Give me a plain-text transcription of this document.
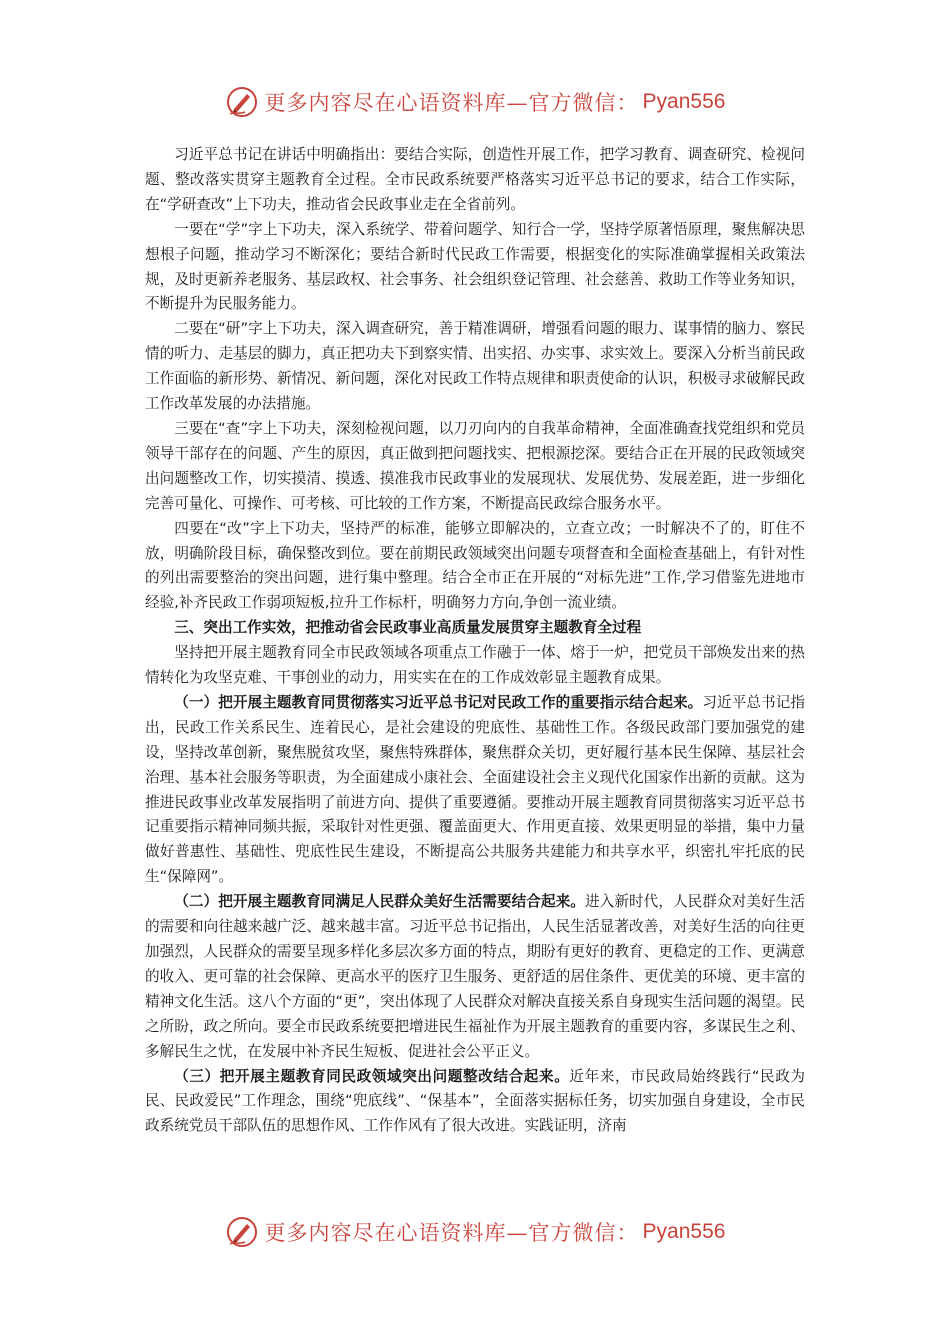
更多内容尽在心语资料库—官方微信： Pyan556

习近平总书记在讲话中明确指出：要结合实际，创造性开展工作，把学习教育、调查研究、检视问题、整改落实贯穿主题教育全过程。全市民政系统要严格落实习近平总书记的要求，结合工作实际，在“学研查改”上下功夫，推动省会民政事业走在全省前列。

一要在“学”字上下功夫，深入系统学、带着问题学、知行合一学，坚持学原著悟原理，聚焦解决思想根子问题，推动学习不断深化；要结合新时代民政工作需要，根据变化的实际准确掌握相关政策法规，及时更新养老服务、基层政权、社会事务、社会组织登记管理、社会慈善、救助工作等业务知识，不断提升为民服务能力。

二要在“研”字上下功夫，深入调查研究，善于精准调研，增强看问题的眼力、谋事情的脑力、察民情的听力、走基层的脚力，真正把功夫下到察实情、出实招、办实事、求实效上。要深入分析当前民政工作面临的新形势、新情况、新问题，深化对民政工作特点规律和职责使命的认识，积极寻求破解民政工作改革发展的办法措施。

三要在“查”字上下功夫，深刻检视问题，以刀刃向内的自我革命精神，全面准确查找党组织和党员领导干部存在的问题、产生的原因，真正做到把问题找实、把根源挖深。要结合正在开展的民政领域突出问题整改工作，切实摸清、摸透、摸准我市民政事业的发展现状、发展优势、发展差距，进一步细化完善可量化、可操作、可考核、可比较的工作方案，不断提高民政综合服务水平。

四要在“改”字上下功夫，坚持严的标准，能够立即解决的，立查立改；一时解决不了的，盯住不放，明确阶段目标，确保整改到位。要在前期民政领域突出问题专项督查和全面检查基础上，有针对性的列出需要整治的突出问题，进行集中整理。结合全市正在开展的“对标先进”工作,学习借鉴先进地市经验,补齐民政工作弱项短板,拉升工作标杆，明确努力方向,争创一流业绩。

三、突出工作实效，把推动省会民政事业高质量发展贯穿主题教育全过程

坚持把开展主题教育同全市民政领域各项重点工作融于一体、熔于一炉，把党员干部焕发出来的热情转化为攻坚克难、干事创业的动力，用实实在在的工作成效彰显主题教育成果。

（一）把开展主题教育同贯彻落实习近平总书记对民政工作的重要指示结合起来。习近平总书记指出，民政工作关系民生、连着民心，是社会建设的兜底性、基础性工作。各级民政部门要加强党的建设，坚持改革创新，聚焦脱贫攻坚，聚焦特殊群体，聚焦群众关切，更好履行基本民生保障、基层社会治理、基本社会服务等职责，为全面建成小康社会、全面建设社会主义现代化国家作出新的贡献。这为推进民政事业改革发展指明了前进方向、提供了重要遵循。要推动开展主题教育同贯彻落实习近平总书记重要指示精神同频共振，采取针对性更强、覆盖面更大、作用更直接、效果更明显的举措，集中力量做好普惠性、基础性、兜底性民生建设，不断提高公共服务共建能力和共享水平，织密扎牢托底的民生“保障网”。

（二）把开展主题教育同满足人民群众美好生活需要结合起来。进入新时代，人民群众对美好生活的需要和向往越来越广泛、越来越丰富。习近平总书记指出，人民生活显著改善，对美好生活的向往更加强烈，人民群众的需要呈现多样化多层次多方面的特点，期盼有更好的教育、更稳定的工作、更满意的收入、更可靠的社会保障、更高水平的医疗卫生服务、更舒适的居住条件、更优美的环境、更丰富的精神文化生活。这八个方面的“更”，突出体现了人民群众对解决直接关系自身现实生活问题的渴望。民之所盼，政之所向。要全市民政系统要把增进民生福祉作为开展主题教育的重要内容，多谋民生之利、多解民生之忧，在发展中补齐民生短板、促进社会公平正义。

（三）把开展主题教育同民政领域突出问题整改结合起来。近年来，市民政局始终践行“民政为民、民政爱民”工作理念，围绕“兜底线”、“保基本”，全面落实据标任务，切实加强自身建设，全市民政系统党员干部队伍的思想作风、工作作风有了很大改进。实践证明，济南

更多内容尽在心语资料库—官方微信： Pyan556
